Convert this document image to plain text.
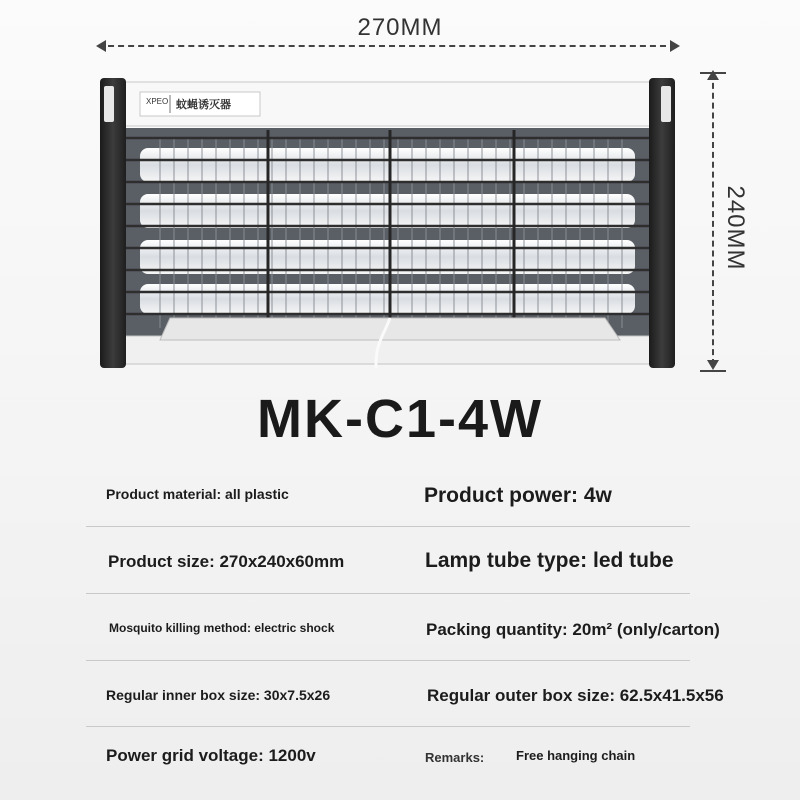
270MM
240MM
XPEO 蚊蝇诱灭器
MK-C1-4W
Product material: all plastic	Product power: 4w
Product size: 270x240x60mm	Lamp tube type: led tube
Mosquito killing method: electric shock	Packing quantity: 20m² (only/carton)
Regular inner box size: 30x7.5x26	Regular outer box size: 62.5x41.5x56
Power grid voltage: 1200v	Remarks: Free hanging chain
